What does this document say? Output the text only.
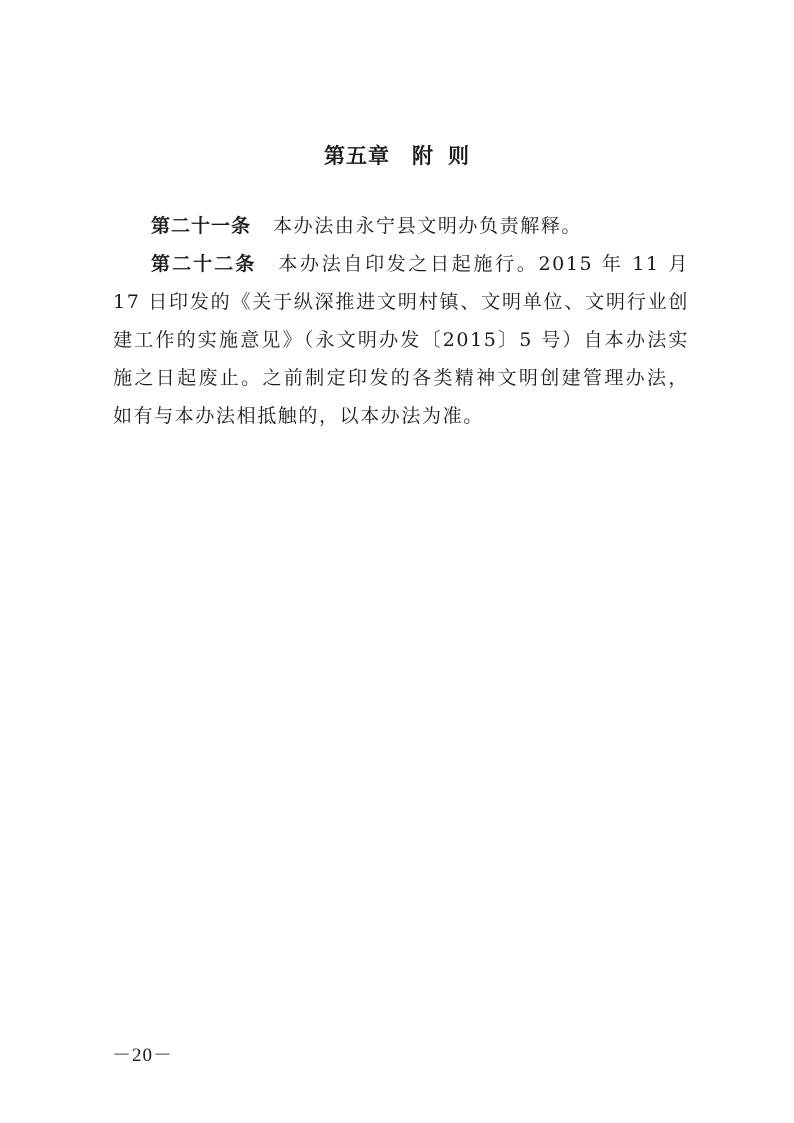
第五章 附 则

第二十一条 本办法由永宁县文明办负责解释。

第二十二条 本办法自印发之日起施行。2015 年 11 月 17 日印发的《关于纵深推进文明村镇、文明单位、文明行业创建工作的实施意见》（永文明办发〔2015〕5 号）自本办法实施之日起废止。之前制定印发的各类精神文明创建管理办法，如有与本办法相抵触的，以本办法为准。

－20－
